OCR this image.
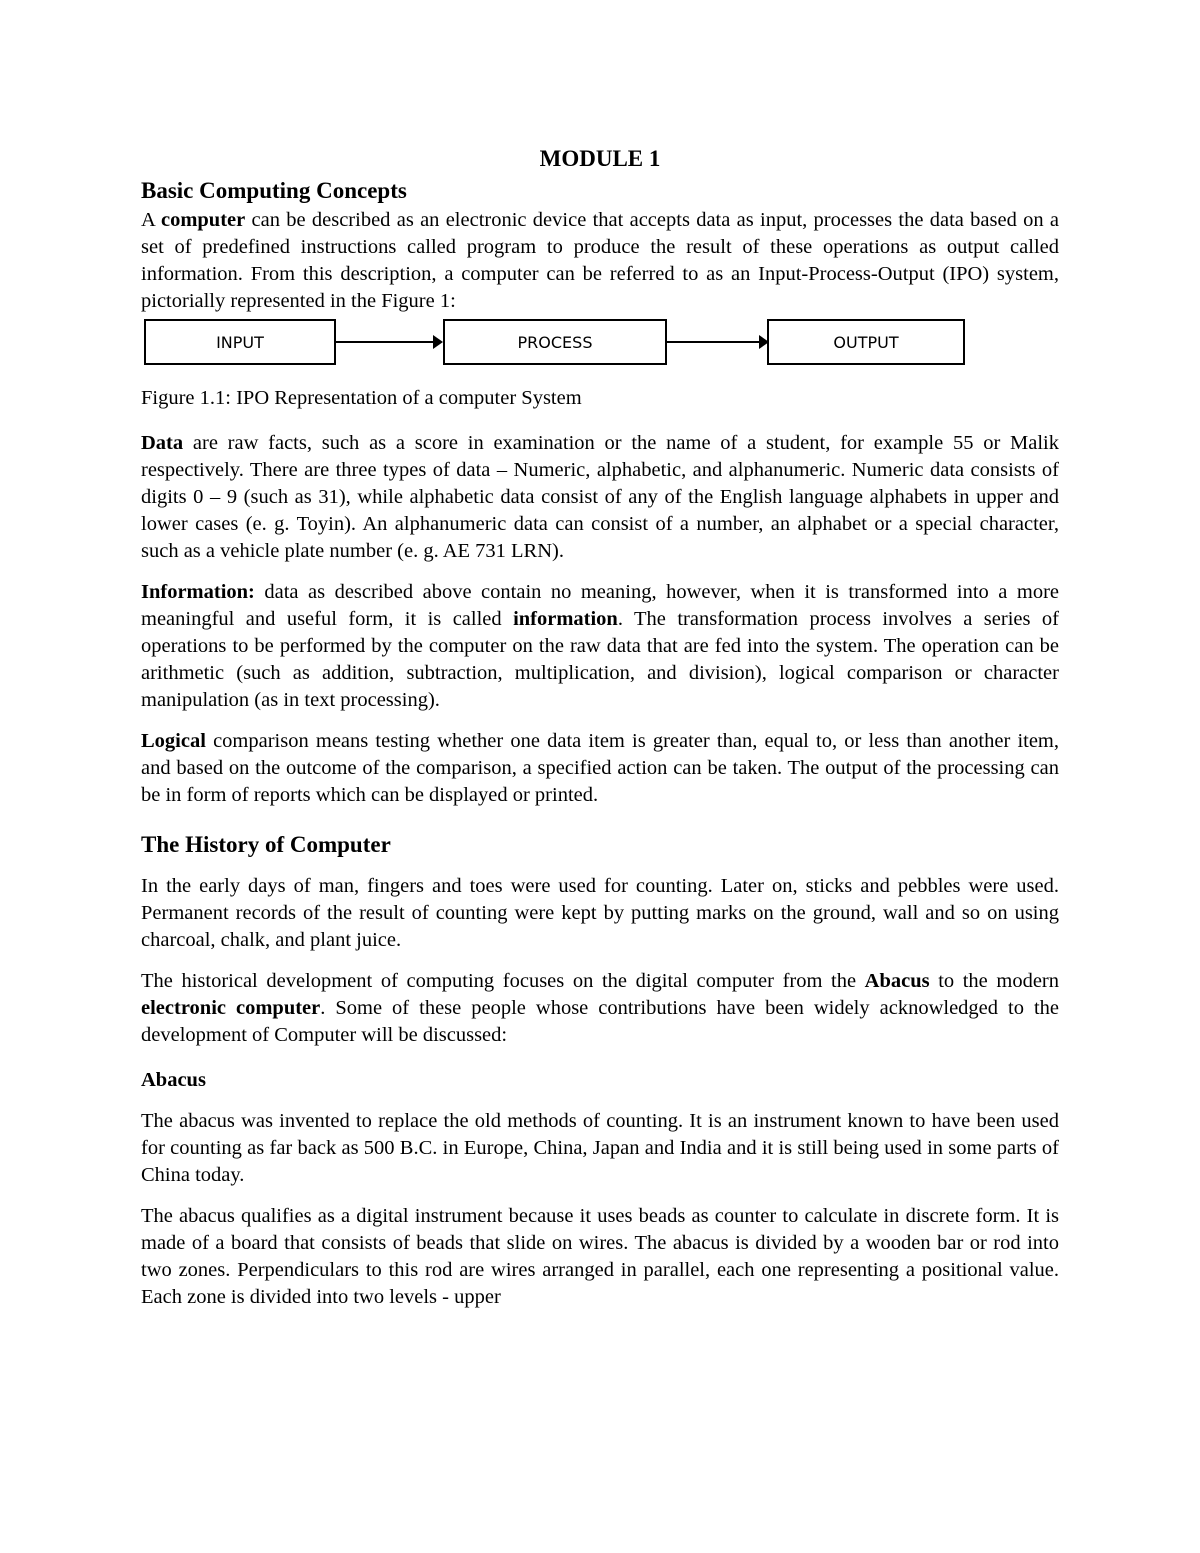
MODULE 1
Basic Computing Concepts

A computer can be described as an electronic device that accepts data as input, processes the data based on a set of predefined instructions called program to produce the result of these operations as output called information. From this description, a computer can be referred to as an Input-Process-Output (IPO) system, pictorially represented in the Figure 1:

INPUT	PROCESS	OUTPUT

Figure 1.1: IPO Representation of a computer System

Data are raw facts, such as a score in examination or the name of a student, for example 55 or Malik respectively. There are three types of data – Numeric, alphabetic, and alphanumeric. Numeric data consists of digits 0 – 9 (such as 31), while alphabetic data consist of any of the English language alphabets in upper and lower cases (e. g. Toyin). An alphanumeric data can consist of a number, an alphabet or a special character, such as a vehicle plate number (e. g. AE 731 LRN).

Information: data as described above contain no meaning, however, when it is transformed into a more meaningful and useful form, it is called information. The transformation process involves a series of operations to be performed by the computer on the raw data that are fed into the system. The operation can be arithmetic (such as addition, subtraction, multiplication, and division), logical comparison or character manipulation (as in text processing).

Logical comparison means testing whether one data item is greater than, equal to, or less than another item, and based on the outcome of the comparison, a specified action can be taken. The output of the processing can be in form of reports which can be displayed or printed.

The History of Computer

In the early days of man, fingers and toes were used for counting. Later on, sticks and pebbles were used. Permanent records of the result of counting were kept by putting marks on the ground, wall and so on using charcoal, chalk, and plant juice.

The historical development of computing focuses on the digital computer from the Abacus to the modern electronic computer. Some of these people whose contributions have been widely acknowledged to the development of Computer will be discussed:

Abacus

The abacus was invented to replace the old methods of counting. It is an instrument known to have been used for counting as far back as 500 B.C. in Europe, China, Japan and India and it is still being used in some parts of China today.

The abacus qualifies as a digital instrument because it uses beads as counter to calculate in discrete form. It is made of a board that consists of beads that slide on wires. The abacus is divided by a wooden bar or rod into two zones. Perpendiculars to this rod are wires arranged in parallel, each one representing a positional value. Each zone is divided into two levels - upper
